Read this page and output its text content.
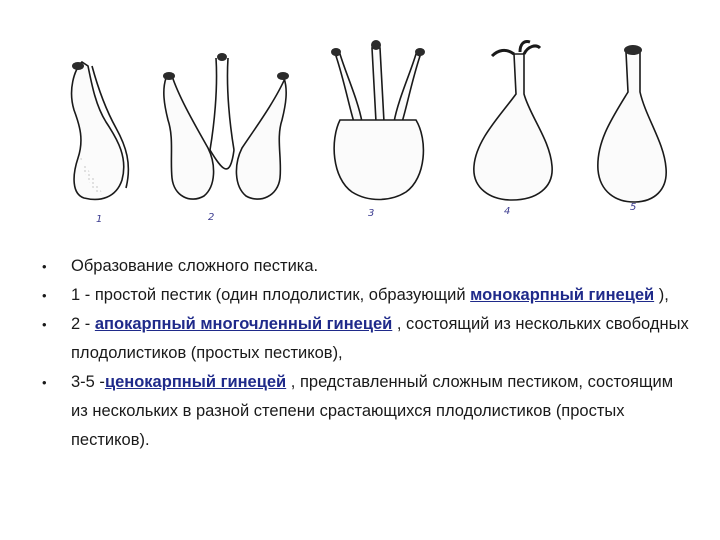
1	2	3	4	5
• Образование сложного пестика.
• 1 - простой пестик (один плодолистик, образующий монокарпный гинецей ),
• 2 - апокарпный многочленный гинецей , состоящий из нескольких свободных плодолистиков (простых пестиков),
• 3-5 -ценокарпный гинецей , представленный сложным пестиком, состоящим из нескольких в разной степени срастающихся плодолистиков (простых пестиков).
